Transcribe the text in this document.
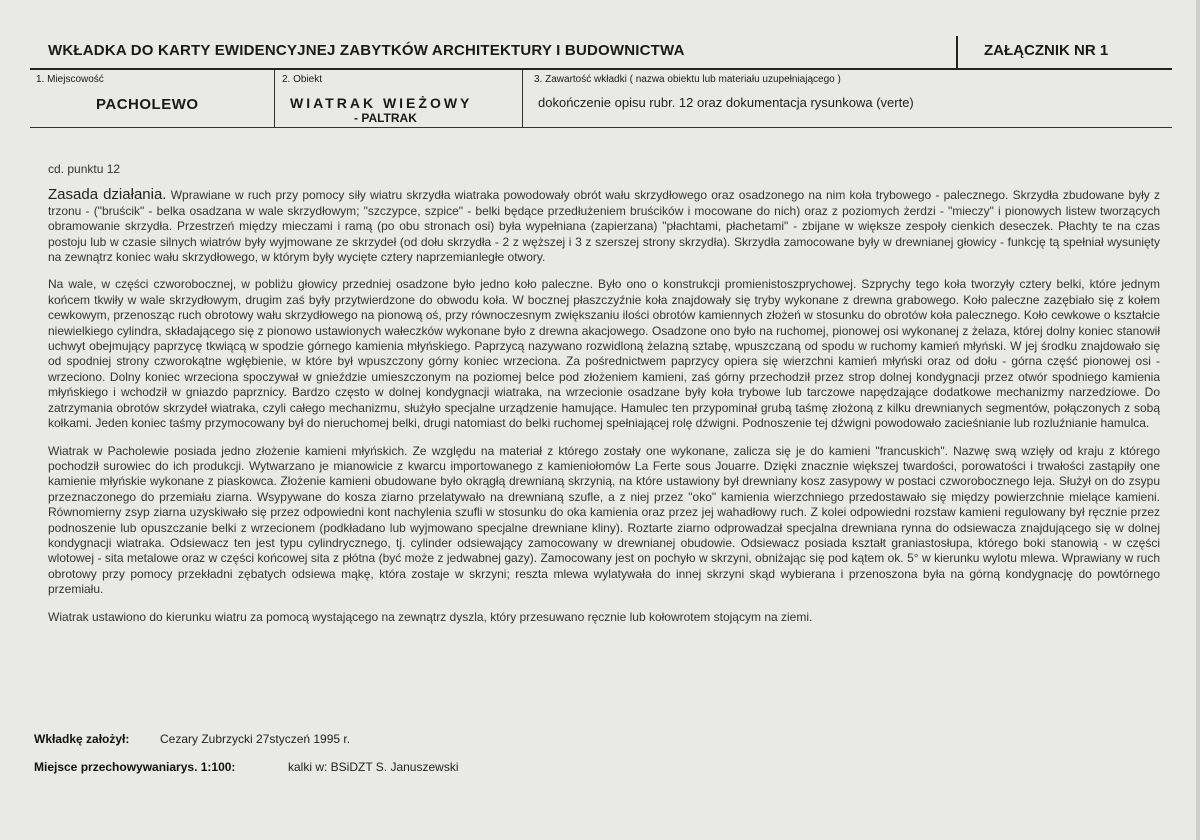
WKŁADKA DO KARTY EWIDENCYJNEJ ZABYTKÓW ARCHITEKTURY I BUDOWNICTWA	ZAŁĄCZNIK NR 1
1. Miejscowość
PACHOLEWO
2. Obiekt
WIATRAK WIEŻOWY
- PALTRAK
3. Zawartość wkładki ( nazwa obiektu lub materiału uzupełniającego )
dokończenie opisu rubr. 12 oraz dokumentacja rysunkowa (verte)

cd. punktu 12

Zasada działania. Wprawiane w ruch przy pomocy siły wiatru skrzydła wiatraka powodowały obrót wału skrzydłowego oraz osadzonego na nim koła trybowego - palecznego. Skrzydła zbudowane były z trzonu - ("bruścik" - belka osadzana w wale skrzydłowym; "szczypce, szpice" - belki będące przedłużeniem bruścików i mocowane do nich) oraz z poziomych żerdzi - "mieczy" i pionowych listew tworzących obramowanie skrzydła. Przestrzeń między mieczami i ramą (po obu stronach osi) była wypełniana (zapierzana) "płachtami, płachetami" - zbijane w większe zespoły cienkich deseczek. Płachty te na czas postoju lub w czasie silnych wiatrów były wyjmowane ze skrzydeł (od dołu skrzydła - 2 z węższej i 3 z szerszej strony skrzydła). Skrzydła zamocowane były w drewnianej głowicy - funkcję tą spełniał wysunięty na zewnątrz koniec wału skrzydłowego, w którym były wycięte cztery naprzemianległe otwory.

Na wale, w części czworobocznej, w pobliżu głowicy przedniej osadzone było jedno koło paleczne. Było ono o konstrukcji promienistoszprychowej. Szprychy tego koła tworzyły cztery belki, które jednym końcem tkwiły w wale skrzydłowym, drugim zaś były przytwierdzone do obwodu koła. W bocznej płaszczyźnie koła znajdowały się tryby wykonane z drewna grabowego. Koło paleczne zazębiało się z kołem cewkowym, przenosząc ruch obrotowy wału skrzydłowego na pionową oś, przy równoczesnym zwiększaniu ilości obrotów kamiennych złożeń w stosunku do obrotów koła palecznego. Koło cewkowe o kształcie niewielkiego cylindra, składającego się z pionowo ustawionych wałeczków wykonane było z drewna akacjowego. Osadzone ono było na ruchomej, pionowej osi wykonanej z żelaza, której dolny koniec stanowił uchwyt obejmujący paprzycę tkwiącą w spodzie górnego kamienia młyńskiego. Paprzycą nazywano rozwidloną żelazną sztabę, wpuszczaną od spodu w ruchomy kamień młyński. W jej środku znajdowało się od spodniej strony czworokątne wgłębienie, w które był wpuszczony górny koniec wrzeciona. Za pośrednictwem paprzycy opiera się wierzchni kamień młyński oraz od dołu - górna część pionowej osi - wrzeciono. Dolny koniec wrzeciona spoczywał w gnieździe umieszczonym na poziomej belce pod złożeniem kamieni, zaś górny przechodził przez strop dolnej kondygnacji przez otwór spodniego kamienia młyńskiego i wchodził w gniazdo paprznicy. Bardzo często w dolnej kondygnacji wiatraka, na wrzecionie osadzane były koła trybowe lub tarczowe napędzające dodatkowe mechanizmy narzedziowe. Do zatrzymania obrotów skrzydeł wiatraka, czyli całego mechanizmu, służyło specjalne urządzenie hamujące. Hamulec ten przypominał grubą taśmę złożoną z kilku drewnianych segmentów, połączonych z sobą kołkami. Jeden koniec taśmy przymocowany był do nieruchomej belki, drugi natomiast do belki ruchomej spełniającej rolę dźwigni. Podnoszenie tej dźwigni powodowało zacieśnianie lub rozluźnianie hamulca.

Wiatrak w Pacholewie posiada jedno złożenie kamieni młyńskich. Ze względu na materiał z którego zostały one wykonane, zalicza się je do kamieni "francuskich". Nazwę swą wzięły od kraju z którego pochodził surowiec do ich produkcji. Wytwarzano je mianowicie z kwarcu importowanego z kamieniołomów La Ferte sous Jouarre. Dzięki znacznie większej twardości, porowatości i trwałości zastąpiły one kamienie młyńskie wykonane z piaskowca. Złożenie kamieni obudowane było okrągłą drewnianą skrzynią, na które ustawiony był drewniany kosz zasypowy w postaci czworobocznego leja. Służył on do zsypu przeznaczonego do przemiału ziarna. Wsypywane do kosza ziarno przelatywało na drewnianą szufle, a z niej przez "oko" kamienia wierzchniego przedostawało się między powierzchnie mielące kamieni. Równomierny zsyp ziarna uzyskiwało się przez odpowiedni kont nachylenia szufli w stosunku do oka kamienia oraz przez jej wahadłowy ruch. Z kolei odpowiedni rozstaw kamieni regulowany był ręcznie przez podnoszenie lub opuszczanie belki z wrzecionem (podkładano lub wyjmowano specjalne drewniane kliny). Roztarte ziarno odprowadzał specjalna drewniana rynna do odsiewacza znajdującego się w dolnej kondygnacji wiatraka. Odsiewacz ten jest typu cylindrycznego, tj. cylinder odsiewający zamocowany w drewnianej obudowie. Odsiewacz posiada kształt graniastosłupa, którego boki stanowią - w części wlotowej - sita metalowe oraz w części końcowej sita z płótna (być może z jedwabnej gazy). Zamocowany jest on pochyło w skrzyni, obniżając się pod kątem ok. 5° w kierunku wylotu mlewa. Wprawiany w ruch obrotowy przy pomocy przekładni zębatych odsiewa mąkę, która zostaje w skrzyni; reszta mlewa wylatywała do innej skrzyni skąd wybierana i przenoszona była na górną kondygnację do powtórnego przemiału.

Wiatrak ustawiono do kierunku wiatru za pomocą wystającego na zewnątrz dyszla, który przesuwano ręcznie lub kołowrotem stojącym na ziemi.

Wkładkę założył:	Cezary Zubrzycki 27styczeń 1995 r.
Miejsce przechowywaniarys. 1:100:	kalki w: BSiDZT S. Januszewski
